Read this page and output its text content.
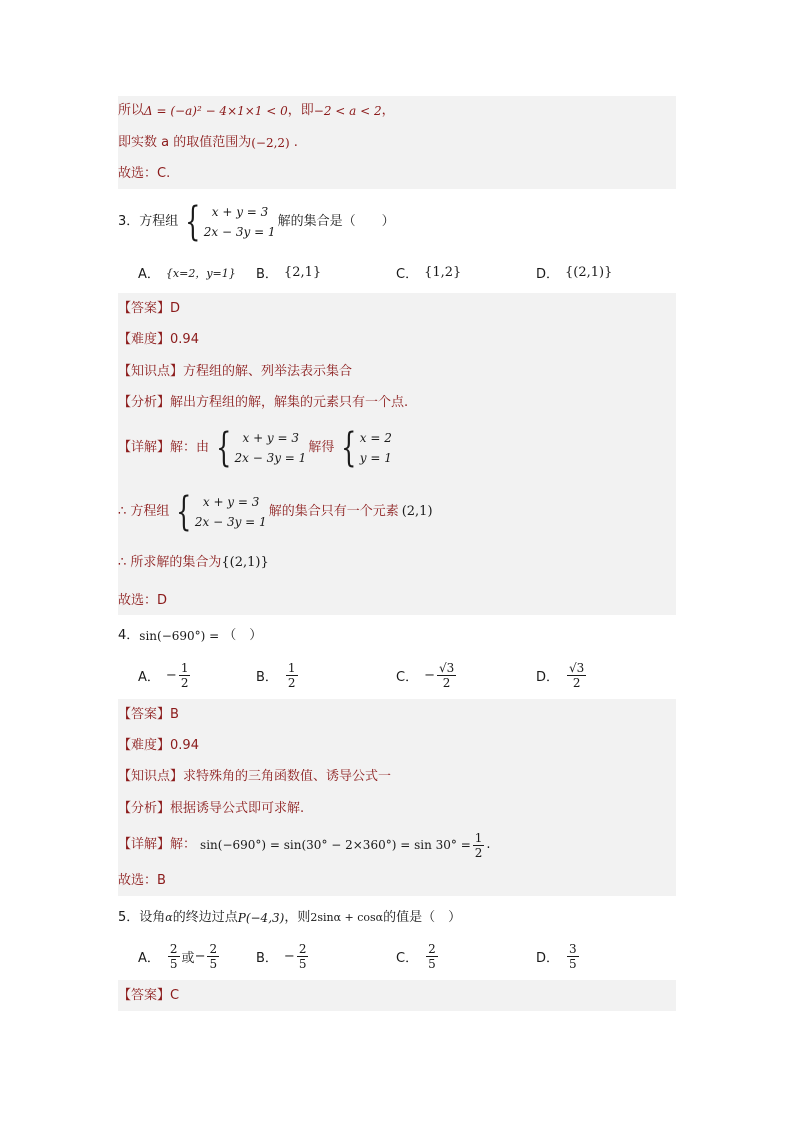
所以 Δ = (−a)² − 4×1×1 < 0 ，即 −2 < a < 2 ，
即实数 a 的取值范围为 (−2,2) .
故选：C.
3． 方程组 { x + y = 3
2x − 3y = 1
解的集合是（　　）
A． {x=2，y=1} B． {2,1}	C． {1,2}	D． {(2,1)}
【答案】 D
【难度】 0.94
【知识点】 方程组的解、列举法表示集合
【分析】 解出方程组的解，解集的元素只有一个点.
【详解】 解：由 { x + y = 3
2x − 3y = 1
解得 { x = 2
y = 1
∴ 方程组 { x + y = 3
2x − 3y = 1
解的集合只有一个元素 (2,1)
∴ 所求解的集合为 {(2,1)}
故选：D
4． sin(−690°) = （　）
A． − $\frac{1}{2}$	B． $\frac{1}{2}$	C． − $\frac{√3}{2}$	D． $\frac{√3}{2}$
【答案】 B
【难度】 0.94
【知识点】 求特殊角的三角函数值、诱导公式一
【分析】 根据诱导公式即可求解.
【详解】 解： $\sin(-690^\circ) = \sin(30^\circ - 2\times 360^\circ) = \sin 30^\circ = \frac{1}{2}$ .
故选：B
5． 设角 α 的终边过点 P(−4,3) ，则 2sinα + cosα 的值是（　）
A． $\frac{2}{5}$ 或 − $\frac{2}{5}$	B． − $\frac{2}{5}$	C． $\frac{2}{5}$	D． $\frac{3}{5}$
【答案】 C
